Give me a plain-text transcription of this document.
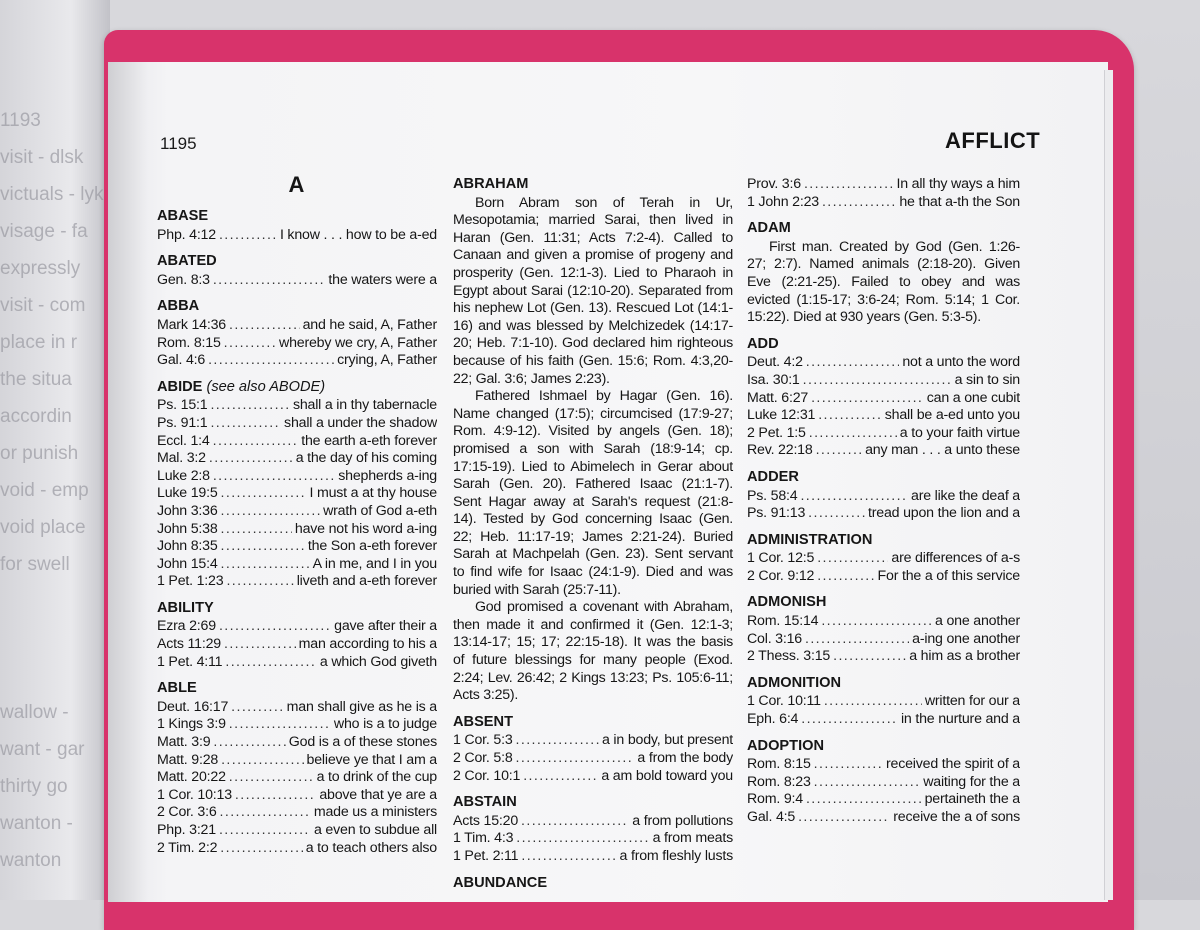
1193
visit - dlsk
victuals - lyk
visage - fa
expressly
visit - com
place in r
the situa
accordin
or punish
void - emp
void place
for swell
wallow -
want - gar
thirty go
wanton -
wanton
1195	AFFLICT
A
ABASE
Php. 4:12 .....	I know . . . how to be a-ed
ABATED
Gen. 8:3 .....	the waters were a
ABBA
Mark 14:36 .....	and he said, A, Father
Rom. 8:15 .....	whereby we cry, A, Father
Gal. 4:6 .....	crying, A, Father
ABIDE (see also ABODE)
Ps. 15:1 .....	shall a in thy tabernacle
Ps. 91:1 .....	shall a under the shadow
Eccl. 1:4 .....	the earth a-eth forever
Mal. 3:2 .....	a the day of his coming
Luke 2:8 .....	shepherds a-ing
Luke 19:5 .....	I must a at thy house
John 3:36 .....	wrath of God a-eth
John 5:38 .....	have not his word a-ing
John 8:35 .....	the Son a-eth forever
John 15:4 .....	A in me, and I in you
1 Pet. 1:23 .....	liveth and a-eth forever
ABILITY
Ezra 2:69 .....	gave after their a
Acts 11:29 .....	man according to his a
1 Pet. 4:11 .....	a which God giveth
ABLE
Deut. 16:17 .....	man shall give as he is a
1 Kings 3:9 .....	who is a to judge
Matt. 3:9 .....	God is a of these stones
Matt. 9:28 .....	believe ye that I am a
Matt. 20:22 .....	a to drink of the cup
1 Cor. 10:13 .....	above that ye are a
2 Cor. 3:6 .....	made us a ministers
Php. 3:21 .....	a even to subdue all
2 Tim. 2:2 .....	a to teach others also
ABRAHAM

Born Abram son of Terah in Ur, Mesopotamia; married Sarai, then lived in Haran (Gen. 11:31; Acts 7:2-4). Called to Canaan and given a promise of progeny and prosperity (Gen. 12:1-3). Lied to Pharaoh in Egypt about Sarai (12:10-20). Separated from his nephew Lot (Gen. 13). Rescued Lot (14:1-16) and was blessed by Melchizedek (14:17-20; Heb. 7:1-10). God declared him righteous because of his faith (Gen. 15:6; Rom. 4:3,20-22; Gal. 3:6; James 2:23).

Fathered Ishmael by Hagar (Gen. 16). Name changed (17:5); circumcised (17:9-27; Rom. 4:9-12). Visited by angels (Gen. 18); promised a son with Sarah (18:9-14; cp. 17:15-19). Lied to Abimelech in Gerar about Sarah (Gen. 20). Fathered Isaac (21:1-7). Sent Hagar away at Sarah's request (21:8-14). Tested by God concerning Isaac (Gen. 22; Heb. 11:17-19; James 2:21-24). Buried Sarah at Machpelah (Gen. 23). Sent servant to find wife for Isaac (24:1-9). Died and was buried with Sarah (25:7-11).

God promised a covenant with Abraham, then made it and confirmed it (Gen. 12:1-3; 13:14-17; 15; 17; 22:15-18). It was the basis of future blessings for many people (Exod. 2:24; Lev. 26:42; 2 Kings 13:23; Ps. 105:6-11; Acts 3:25).

ABSENT
1 Cor. 5:3 .....	a in body, but present
2 Cor. 5:8 .....	a from the body
2 Cor. 10:1 .....	a am bold toward you
ABSTAIN
Acts 15:20 .....	a from pollutions
1 Tim. 4:3 .....	a from meats
1 Pet. 2:11 .....	a from fleshly lusts
ABUNDANCE
Prov. 3:6 .....	In all thy ways a him
1 John 2:23 .....	he that a-th the Son
ADAM

First man. Created by God (Gen. 1:26-27; 2:7). Named animals (2:18-20). Given Eve (2:21-25). Failed to obey and was evicted (1:15-17; 3:6-24; Rom. 5:14; 1 Cor. 15:22). Died at 930 years (Gen. 5:3-5).

ADD
Deut. 4:2 .....	not a unto the word
Isa. 30:1 .....	a sin to sin
Matt. 6:27 .....	can a one cubit
Luke 12:31 .....	shall be a-ed unto you
2 Pet. 1:5 .....	a to your faith virtue
Rev. 22:18 .....	any man . . . a unto these
ADDER
Ps. 58:4 .....	are like the deaf a
Ps. 91:13 .....	tread upon the lion and a
ADMINISTRATION
1 Cor. 12:5 .....	are differences of a-s
2 Cor. 9:12 .....	For the a of this service
ADMONISH
Rom. 15:14 .....	a one another
Col. 3:16 .....	a-ing one another
2 Thess. 3:15 .....	a him as a brother
ADMONITION
1 Cor. 10:11 .....	written for our a
Eph. 6:4 .....	in the nurture and a
ADOPTION
Rom. 8:15 .....	received the spirit of a
Rom. 8:23 .....	waiting for the a
Rom. 9:4 .....	pertaineth the a
Gal. 4:5 .....	receive the a of sons
